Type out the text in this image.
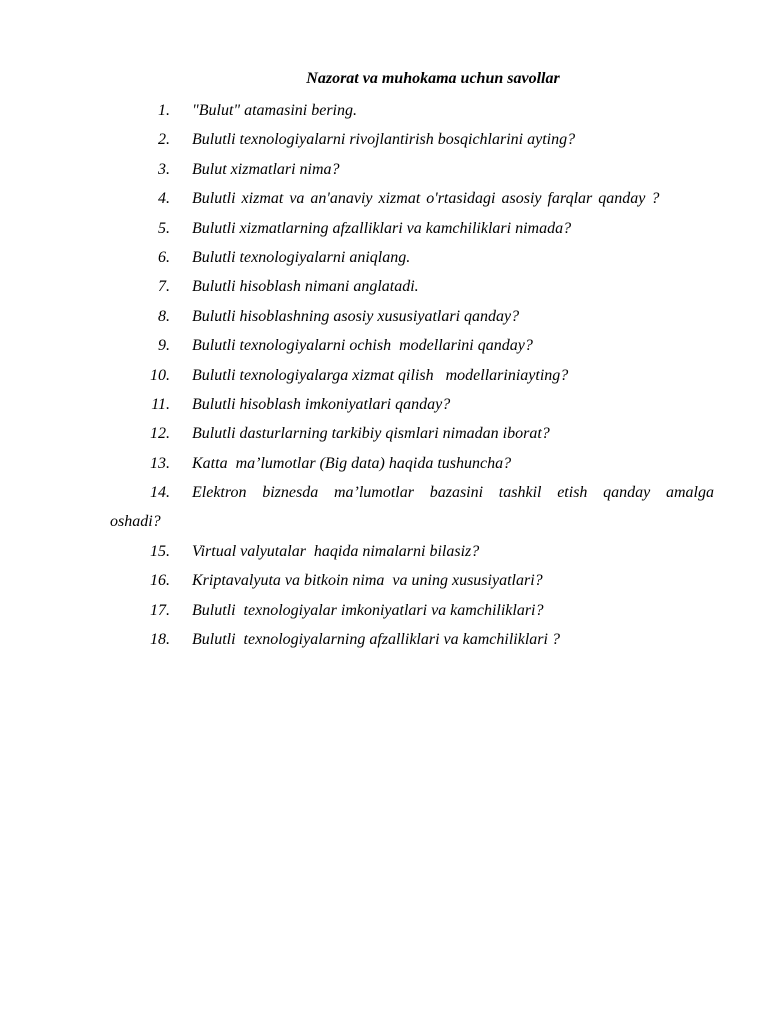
Nazorat va muhokama uchun savollar
1. "Bulut" atamasini bering.
2. Bulutli texnologiyalarni rivojlantirish bosqichlarini ayting?
3. Bulut xizmatlari nima?
4. Bulutli xizmat va an'anaviy xizmat o'rtasidagi asosiy farqlar qanday ?
5. Bulutli xizmatlarning afzalliklari va kamchiliklari nimada?
6. Bulutli texnologiyalarni aniqlang.
7. Bulutli hisoblash nimani anglatadi.
8. Bulutli hisoblashning asosiy xususiyatlari qanday?
9. Bulutli texnologiyalarni ochish  modellarini qanday?
10. Bulutli texnologiyalarga xizmat qilish   modellariniayting?
11. Bulutli hisoblash imkoniyatlari qanday?
12. Bulutli dasturlarning tarkibiy qismlari nimadan iborat?
13. Katta  ma’lumotlar (Big data) haqida tushuncha?
14. Elektron biznesda ma’lumotlar bazasini tashkil etish qanday amalga
oshadi?
15. Virtual valyutalar  haqida nimalarni bilasiz?
16. Kriptavalyuta va bitkoin nima  va uning xususiyatlari?
17. Bulutli  texnologiyalar imkoniyatlari va kamchiliklari?
18. Bulutli  texnologiyalarning afzalliklari va kamchiliklari ?
